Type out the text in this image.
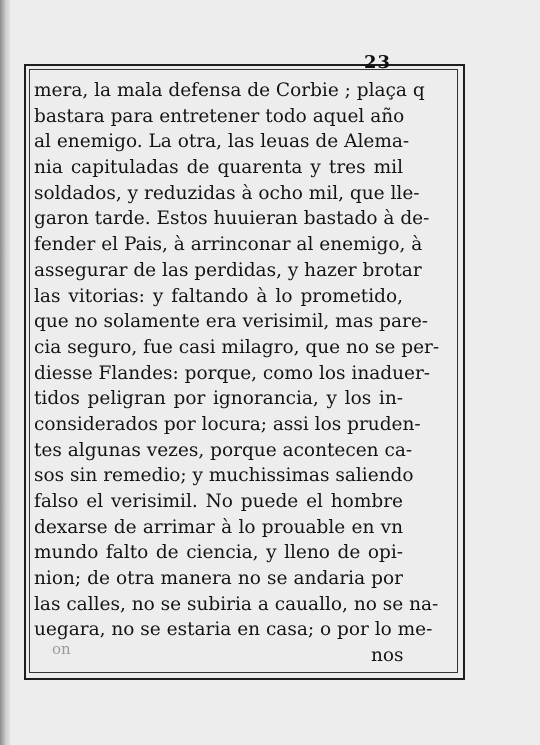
23
mera, la mala defensa de Corbie ; plaça q
bastara para entretener todo aquel año
al enemigo. La otra, las leuas de Alema-
nia capituladas de quarenta y tres mil
soldados, y reduzidas à ocho mil, que lle-
garon tarde. Estos huuieran bastado à de-
fender el Pais, à arrinconar al enemigo, à
assegurar de las perdidas, y hazer brotar
las vitorias: y faltando à lo prometido,
que no solamente era verisimil, mas pare-
cia seguro, fue casi milagro, que no se per-
diesse Flandes: porque, como los inaduer-
tidos peligran por ignorancia, y los in-
considerados por locura; assi los pruden-
tes algunas vezes, porque acontecen ca-
sos sin remedio; y muchissimas saliendo
falso el verisimil. No puede el hombre
dexarse de arrimar à lo prouable en vn
mundo falto de ciencia, y lleno de opi-
nion; de otra manera no se andaria por
las calles, no se subiria a cauallo, no se na-
uegara, no se estaria en casa; o por lo me-
on	nos
